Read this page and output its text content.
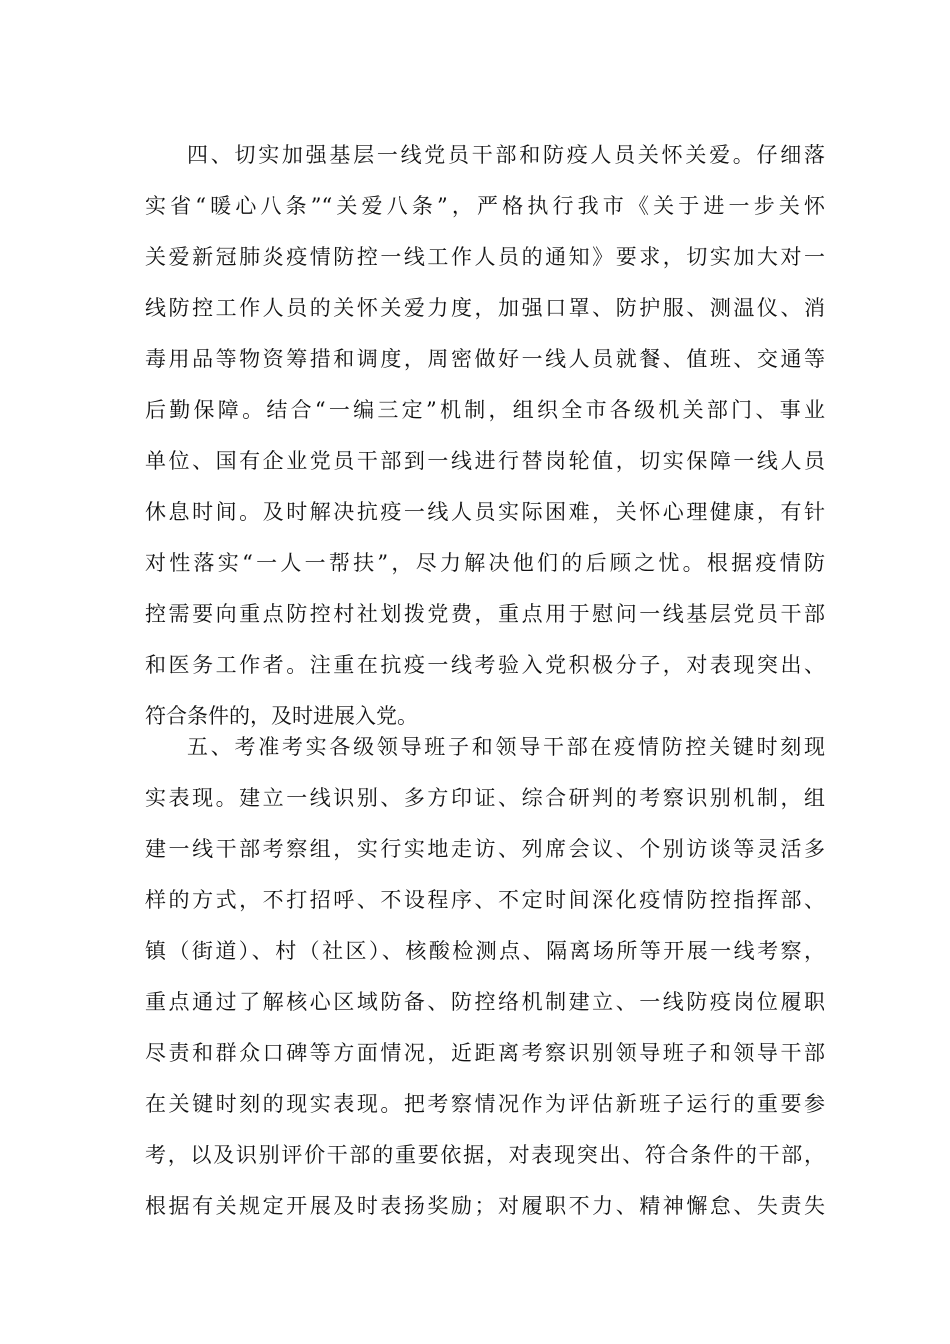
四、切实加强基层一线党员干部和防疫人员关怀关爱。仔细落
实省“暖心八条”“关爱八条”，严格执行我市《关于进一步关怀
关爱新冠肺炎疫情防控一线工作人员的通知》要求，切实加大对一
线防控工作人员的关怀关爱力度，加强口罩、防护服、测温仪、消
毒用品等物资筹措和调度，周密做好一线人员就餐、值班、交通等
后勤保障。结合“一编三定”机制，组织全市各级机关部门、事业
单位、国有企业党员干部到一线进行替岗轮值，切实保障一线人员
休息时间。及时解决抗疫一线人员实际困难，关怀心理健康，有针
对性落实“一人一帮扶”，尽力解决他们的后顾之忧。根据疫情防
控需要向重点防控村社划拨党费，重点用于慰问一线基层党员干部
和医务工作者。注重在抗疫一线考验入党积极分子，对表现突出、
符合条件的，及时进展入党。
五、考准考实各级领导班子和领导干部在疫情防控关键时刻现
实表现。建立一线识别、多方印证、综合研判的考察识别机制，组
建一线干部考察组，实行实地走访、列席会议、个别访谈等灵活多
样的方式，不打招呼、不设程序、不定时间深化疫情防控指挥部、
镇（街道）、村（社区）、核酸检测点、隔离场所等开展一线考察，
重点通过了解核心区域防备、防控络机制建立、一线防疫岗位履职
尽责和群众口碑等方面情况，近距离考察识别领导班子和领导干部
在关键时刻的现实表现。把考察情况作为评估新班子运行的重要参
考，以及识别评价干部的重要依据，对表现突出、符合条件的干部，
根据有关规定开展及时表扬奖励；对履职不力、精神懈怠、失责失
